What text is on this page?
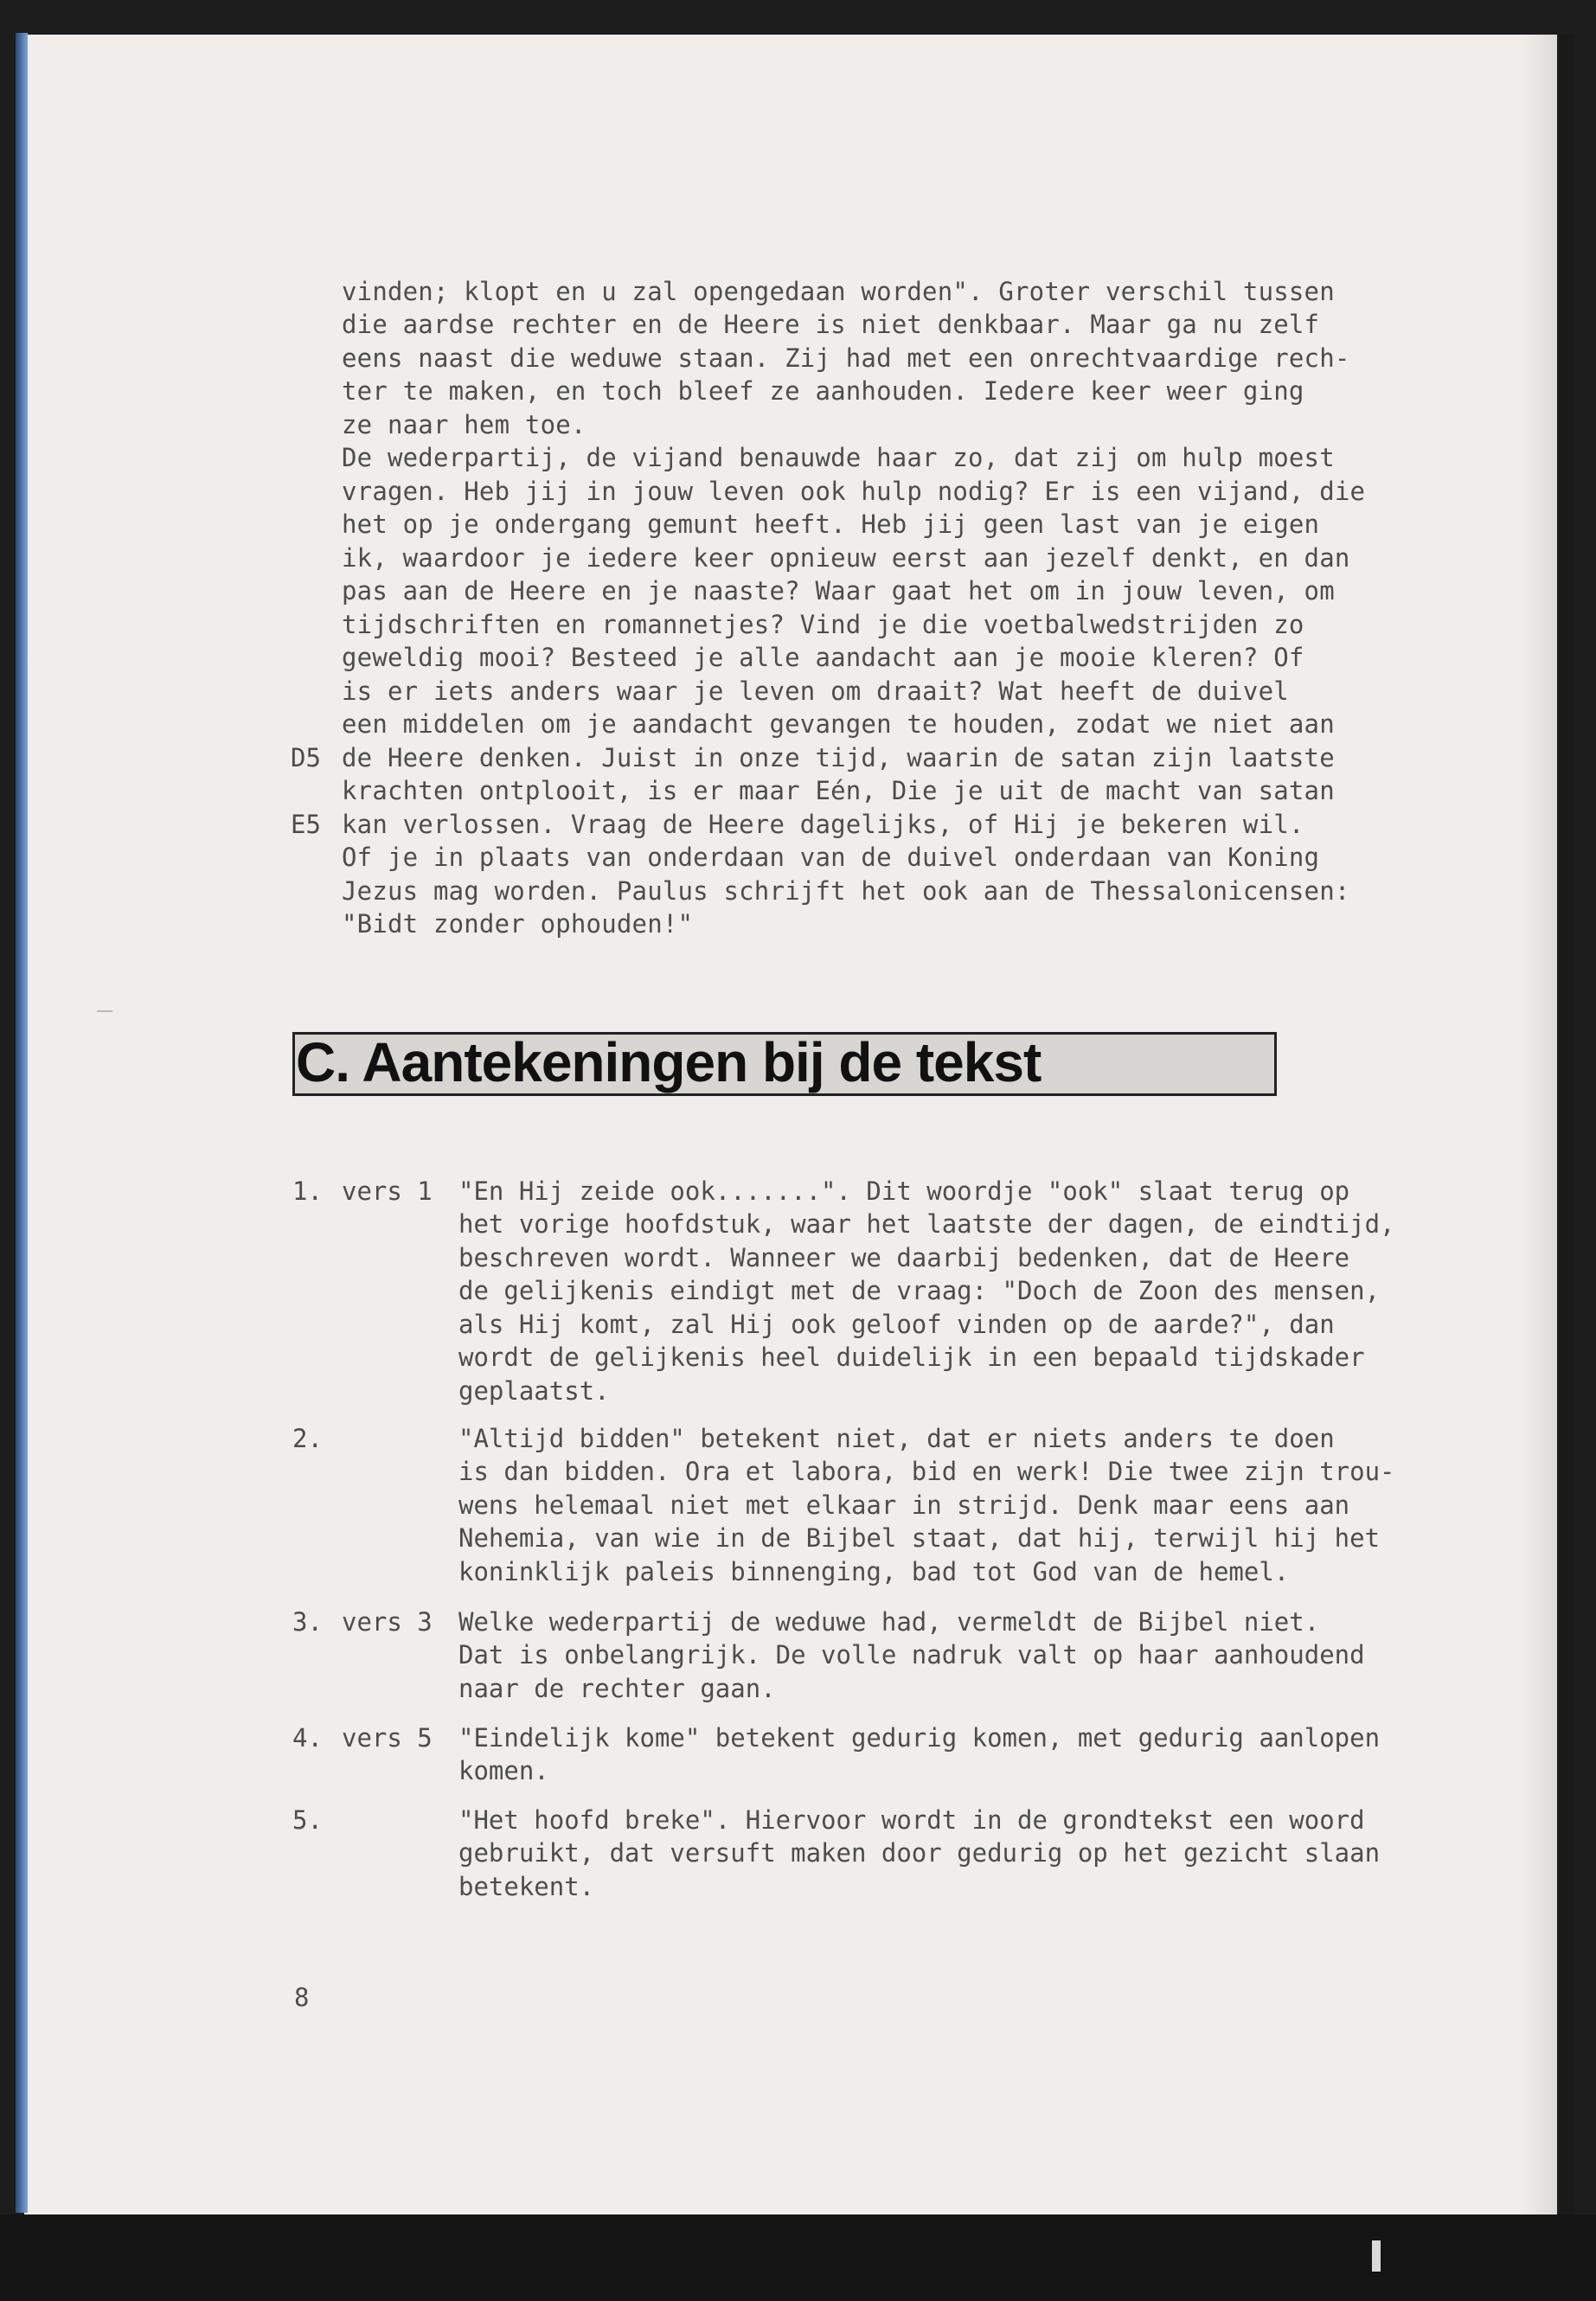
vinden; klopt en u zal opengedaan worden". Groter verschil tussen
die aardse rechter en de Heere is niet denkbaar. Maar ga nu zelf
eens naast die weduwe staan. Zij had met een onrechtvaardige rech-
ter te maken, en toch bleef ze aanhouden. Iedere keer weer ging
ze naar hem toe.
De wederpartij, de vijand benauwde haar zo, dat zij om hulp moest
vragen. Heb jij in jouw leven ook hulp nodig? Er is een vijand, die
het op je ondergang gemunt heeft. Heb jij geen last van je eigen
ik, waardoor je iedere keer opnieuw eerst aan jezelf denkt, en dan
pas aan de Heere en je naaste? Waar gaat het om in jouw leven, om
tijdschriften en romannetjes? Vind je die voetbalwedstrijden zo
geweldig mooi? Besteed je alle aandacht aan je mooie kleren? Of
is er iets anders waar je leven om draait? Wat heeft de duivel
een middelen om je aandacht gevangen te houden, zodat we niet aan
de Heere denken. Juist in onze tijd, waarin de satan zijn laatste
krachten ontplooit, is er maar Eén, Die je uit de macht van satan
kan verlossen. Vraag de Heere dagelijks, of Hij je bekeren wil.
Of je in plaats van onderdaan van de duivel onderdaan van Koning
Jezus mag worden. Paulus schrijft het ook aan de Thessalonicensen:
"Bidt zonder ophouden!"
D5
E5
C. Aantekeningen bij de tekst
1. vers 1 "En Hij zeide ook.......". Dit woordje "ook" slaat terug op
het vorige hoofdstuk, waar het laatste der dagen, de eindtijd,
beschreven wordt. Wanneer we daarbij bedenken, dat de Heere
de gelijkenis eindigt met de vraag: "Doch de Zoon des mensen,
als Hij komt, zal Hij ook geloof vinden op de aarde?", dan
wordt de gelijkenis heel duidelijk in een bepaald tijdskader
geplaatst.
2.	"Altijd bidden" betekent niet, dat er niets anders te doen
is dan bidden. Ora et labora, bid en werk! Die twee zijn trou-
wens helemaal niet met elkaar in strijd. Denk maar eens aan
Nehemia, van wie in de Bijbel staat, dat hij, terwijl hij het
koninklijk paleis binnenging, bad tot God van de hemel.
3. vers 3 Welke wederpartij de weduwe had, vermeldt de Bijbel niet.
Dat is onbelangrijk. De volle nadruk valt op haar aanhoudend
naar de rechter gaan.
4. vers 5 "Eindelijk kome" betekent gedurig komen, met gedurig aanlopen
komen.
5.	"Het hoofd breke". Hiervoor wordt in de grondtekst een woord
gebruikt, dat versuft maken door gedurig op het gezicht slaan
betekent.
8
